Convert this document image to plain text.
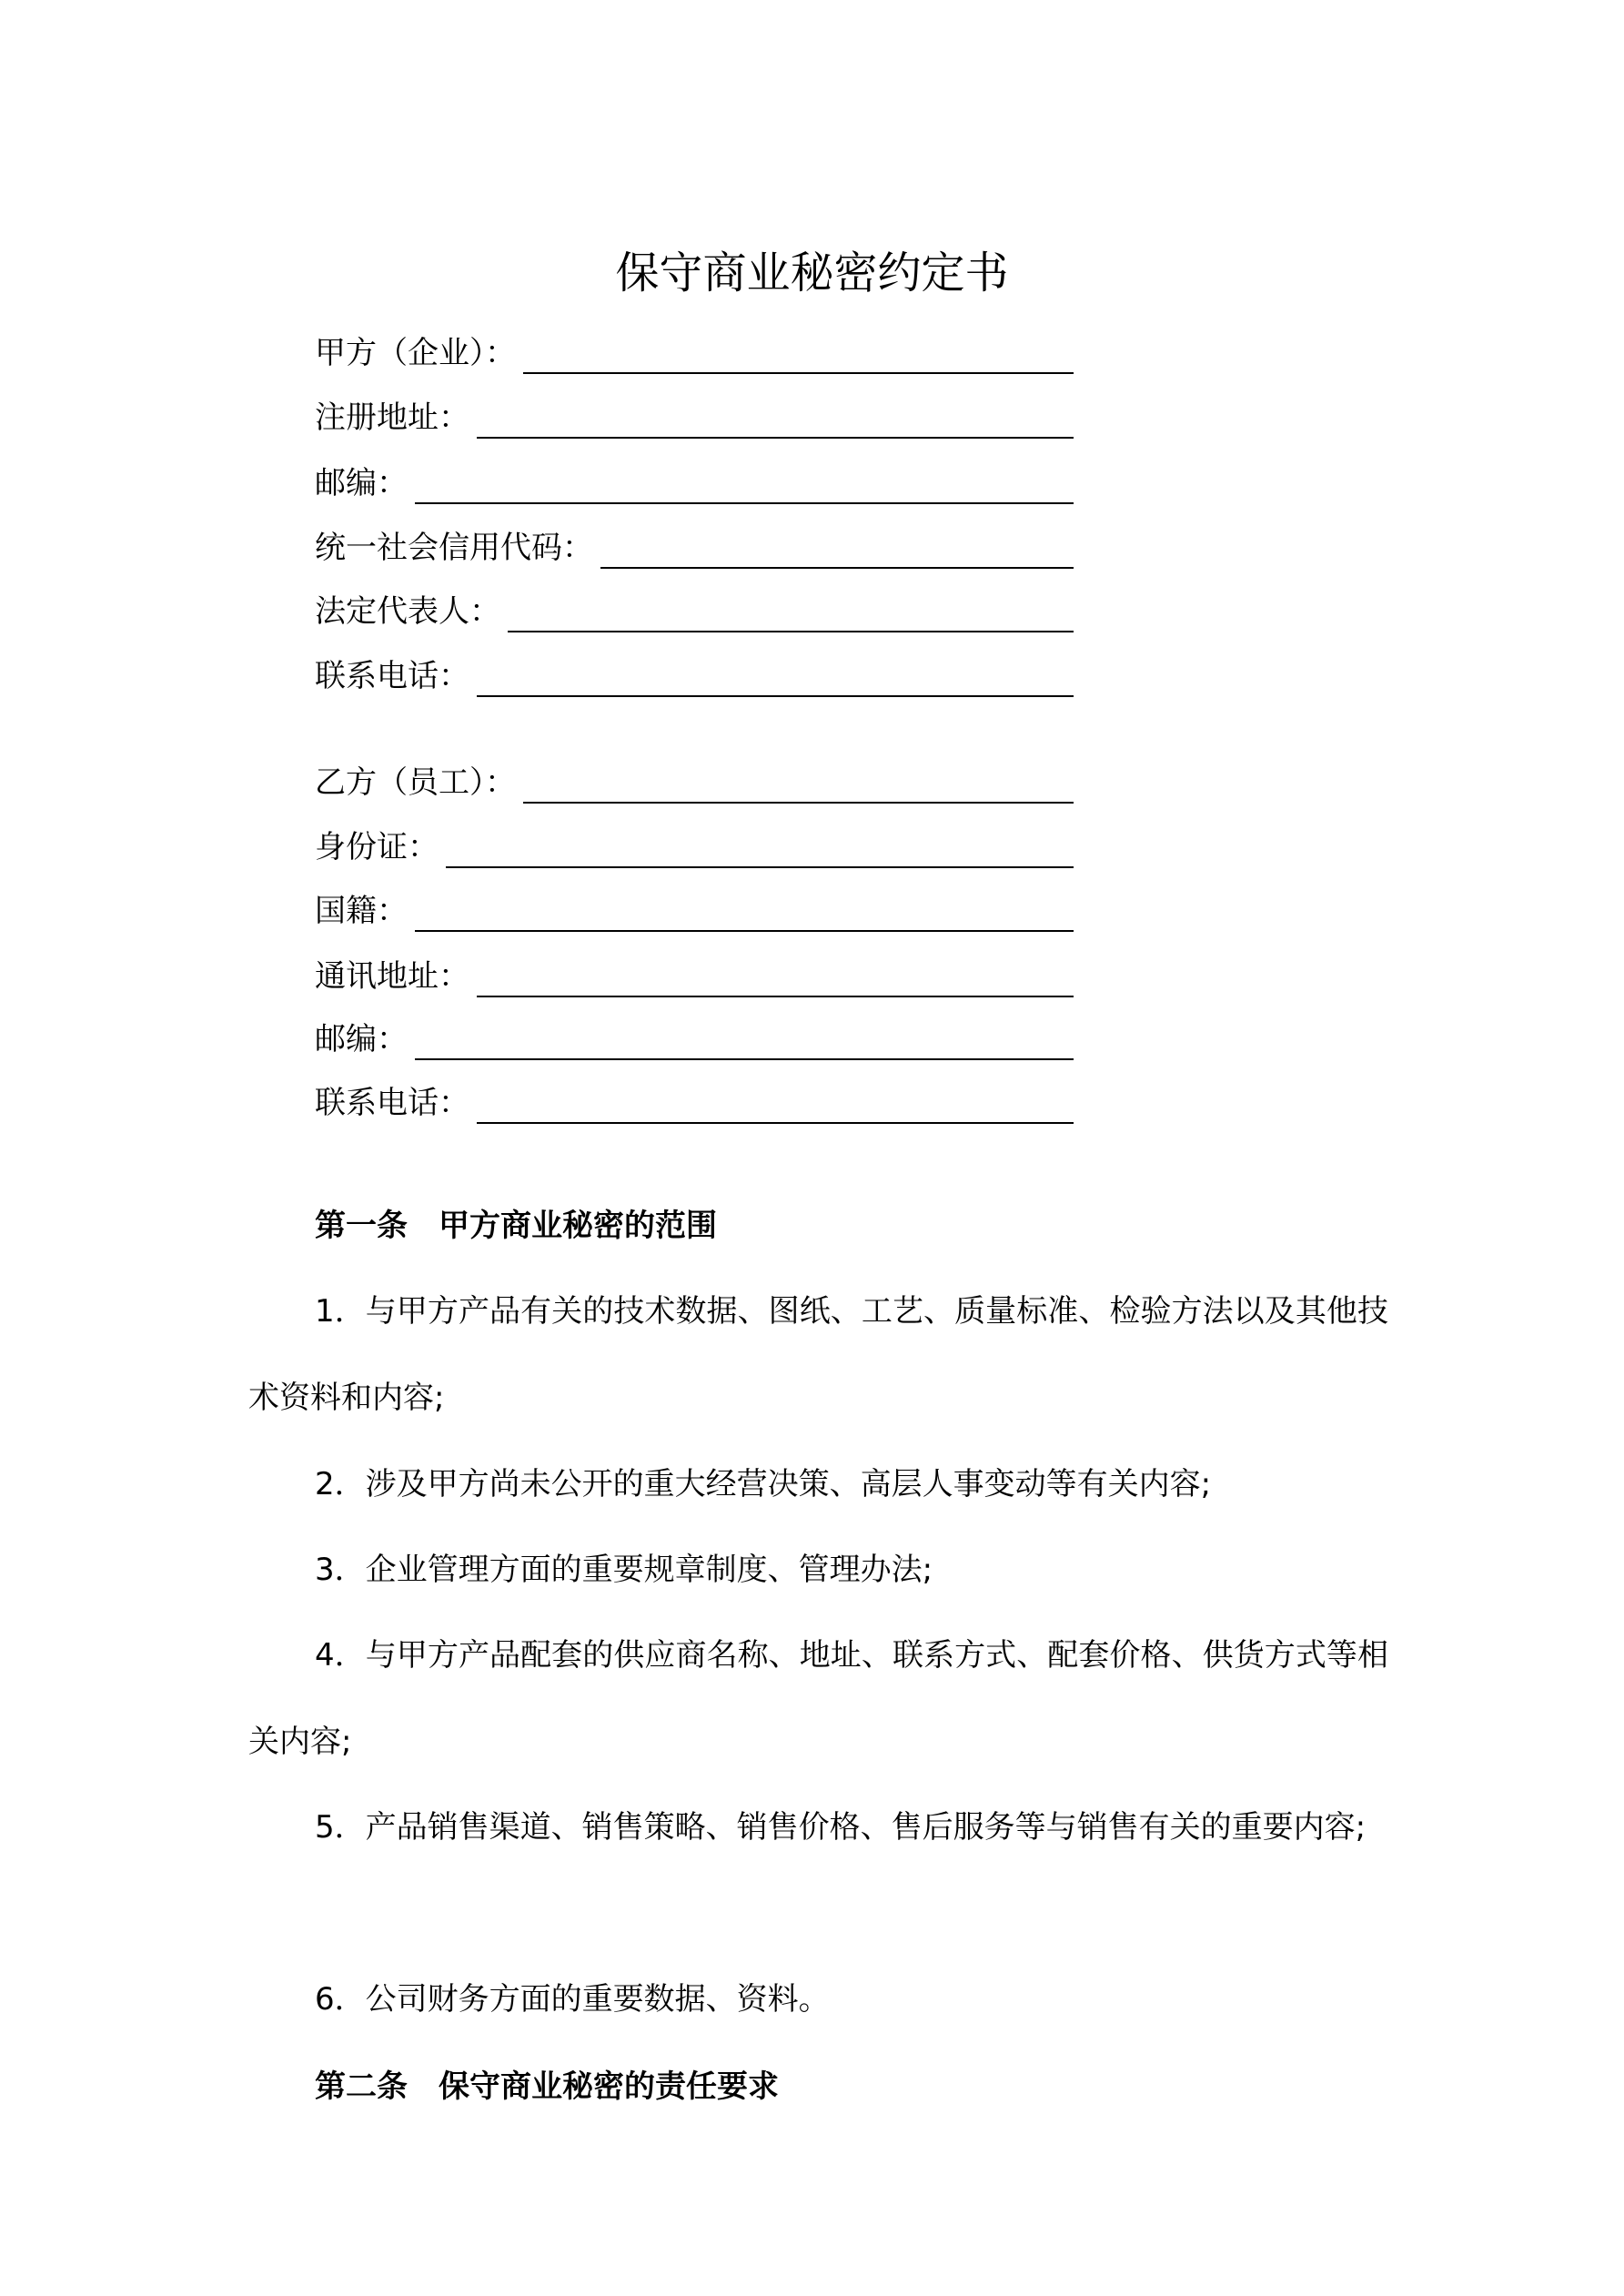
保守商业秘密约定书
甲方（企业）：
注册地址：
邮编：
统一社会信用代码：
法定代表人：
联系电话：
乙方（员工）：
身份证：
国籍：
通讯地址：
邮编：
联系电话：
第一条　甲方商业秘密的范围
1．与甲方产品有关的技术数据、图纸、工艺、质量标准、检验方法以及其他技术资料和内容;
2．涉及甲方尚未公开的重大经营决策、高层人事变动等有关内容;
3．企业管理方面的重要规章制度、管理办法;
4．与甲方产品配套的供应商名称、地址、联系方式、配套价格、供货方式等相关内容;
5．产品销售渠道、销售策略、销售价格、售后服务等与销售有关的重要内容;
6．公司财务方面的重要数据、资料。
第二条　保守商业秘密的责任要求
